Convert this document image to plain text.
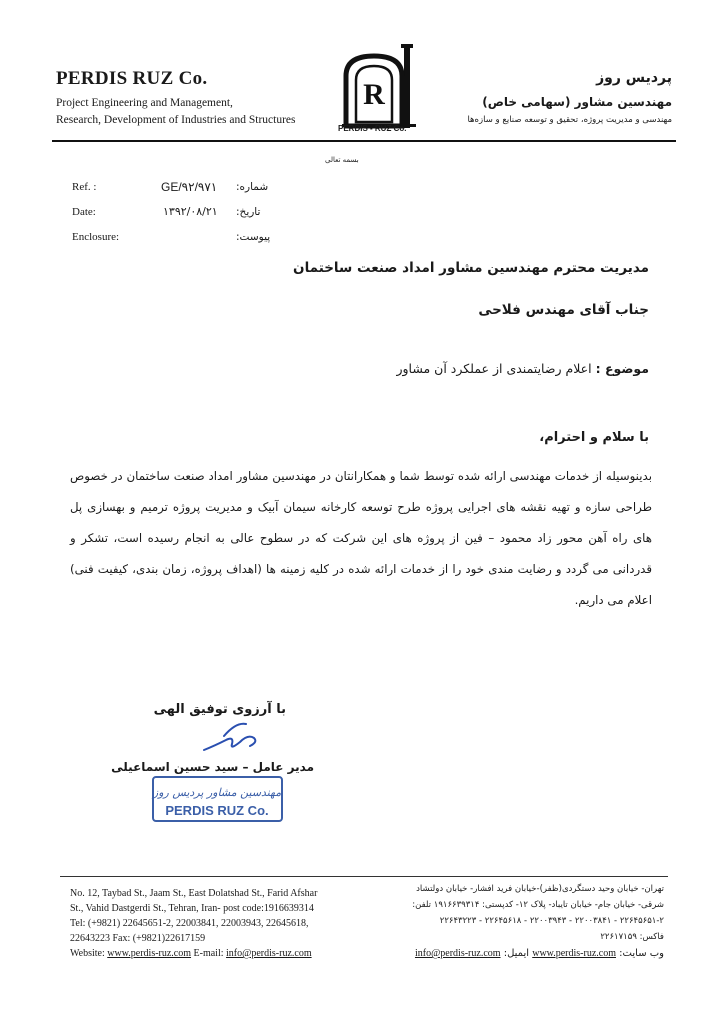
PERDIS RUZ Co.
Project Engineering and Management,
Research, Development of Industries and Structures
R
PERDIS - RUZ Co.
پردیس روز
مهندسین مشاور (سهامی خاص)
مهندسی و مدیریت پروژه، تحقیق و توسعه صنایع و سازه‌ها
بسمه تعالی
Ref. :	GE/۹۲/۹۷۱ شماره:
Date:	۱۳۹۲/۰۸/۲۱ تاریخ:
Enclosure:	پیوست:
مدیریت محترم مهندسین مشاور امداد صنعت ساختمان
جناب آقای مهندس فلاحی
موضوع : اعلام رضایتمندی از عملکرد آن مشاور
با سلام و احترام،
بدینوسیله از خدمات مهندسی ارائه شده توسط شما و همکارانتان در مهندسین مشاور امداد صنعت ساختمان در خصوص طراحی سازه و تهیه نقشه های اجرایی پروژه طرح توسعه کارخانه سیمان آبیک و مدیریت پروژه ترمیم و بهسازی پل های راه آهن محور زاد محمود – فین از پروژه های این شرکت که در سطوح عالی به انجام رسیده است، تشکر و قدردانی می گردد و رضایت مندی خود را از خدمات ارائه شده در کلیه زمینه ها (اهداف پروژه، زمان بندی، کیفیت فنی) اعلام می داریم.
با آرزوی توفیق الهی
مدیر عامل – سید حسین اسماعیلی
مهندسین مشاور پردیس روز
PERDIS RUZ Co.
No. 12, Taybad St., Jaam St., East Dolatshad St., Farid Afshar
St., Vahid Dastgerdi St., Tehran, Iran- post code:1916639314
Tel: (+9821) 22645651-2, 22003841, 22003943, 22645618,
22643223 Fax: (+9821)22617159
Website: www.perdis-ruz.com E-mail: info@perdis-ruz.com
تهران- خیابان وحید دستگردی(ظفر)-خیابان فرید افشار- خیابان دولتشاد
شرقی- خیابان جام- خیابان تایباد- پلاک ۱۲- کدپستی: ۱۹۱۶۶۳۹۳۱۴ تلفن:
۲۲۶۴۵۶۵۱-۲ - ۲۲۰۰۳۸۴۱ - ۲۲۰۰۳۹۴۳ - ۲۲۶۴۵۶۱۸ - ۲۲۶۴۳۲۲۳
فاکس: ۲۲۶۱۷۱۵۹
وب سایت: www.perdis-ruz.com ایمیل: info@perdis-ruz.com
